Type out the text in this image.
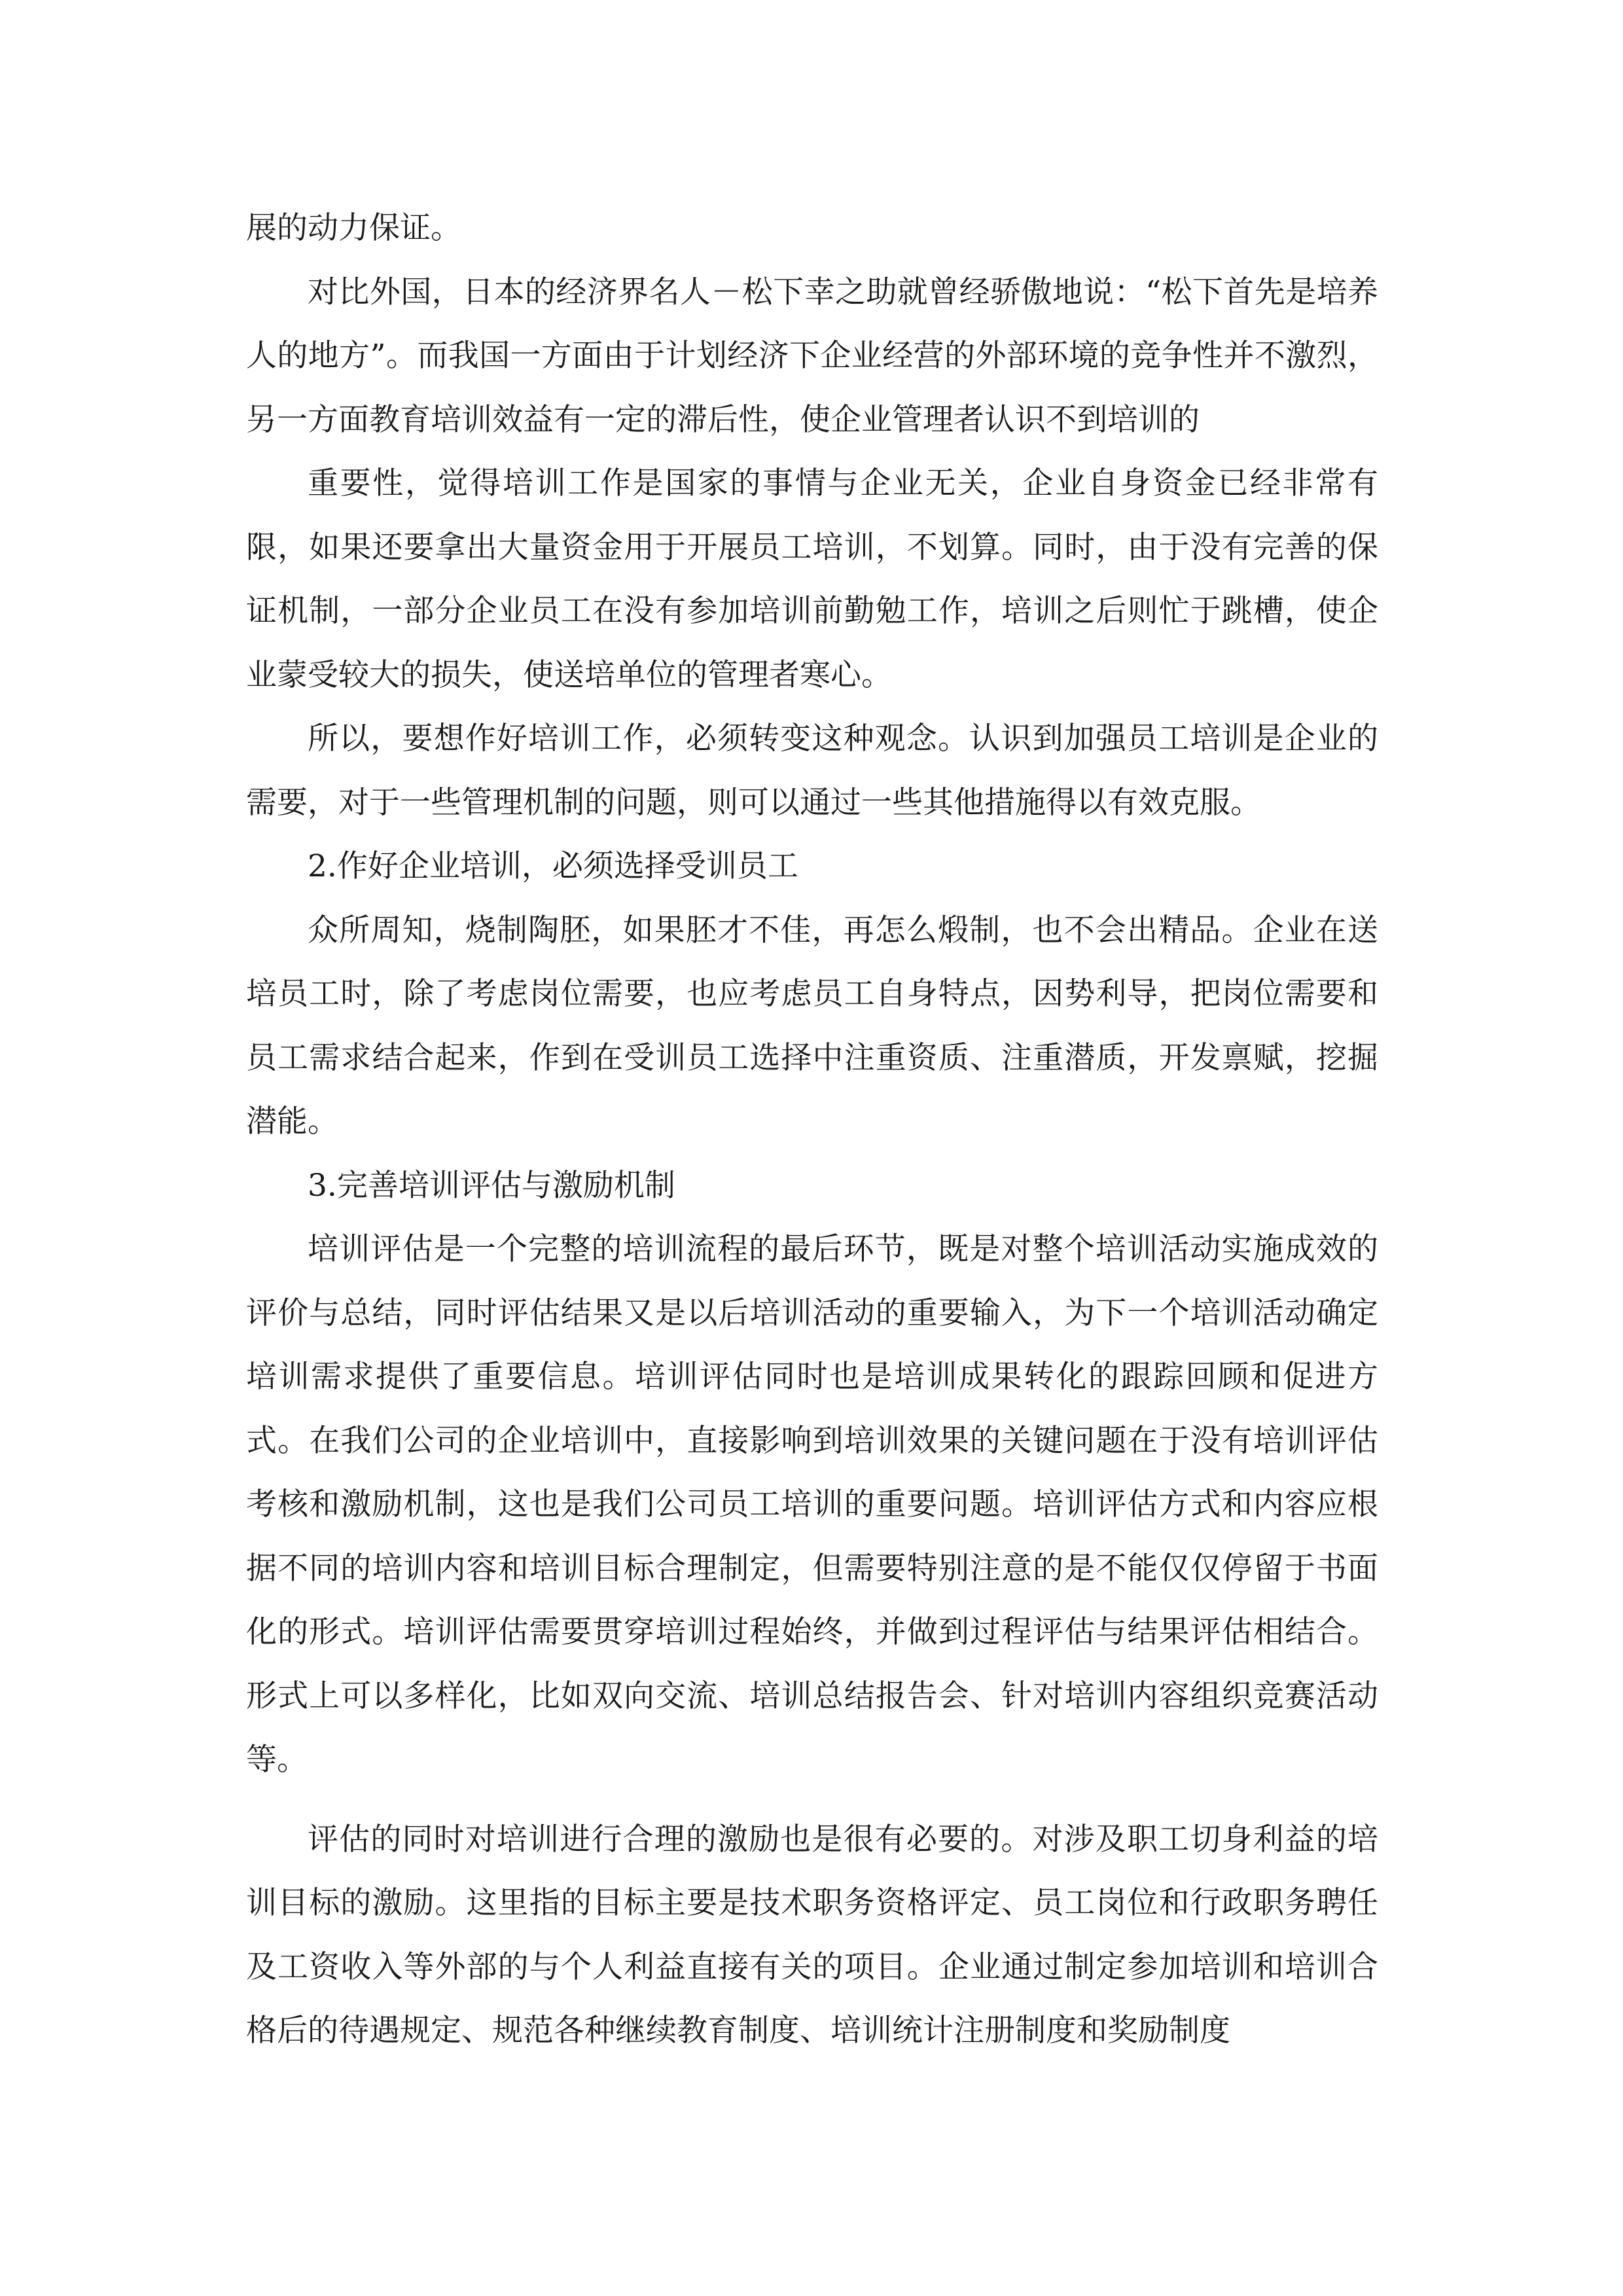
展的动力保证。

对比外国，日本的经济界名人－松下幸之助就曾经骄傲地说：“松下首先是培养人的地方”。而我国一方面由于计划经济下企业经营的外部环境的竞争性并不激烈，另一方面教育培训效益有一定的滞后性，使企业管理者认识不到培训的

重要性，觉得培训工作是国家的事情与企业无关，企业自身资金已经非常有限，如果还要拿出大量资金用于开展员工培训，不划算。同时，由于没有完善的保证机制，一部分企业员工在没有参加培训前勤勉工作，培训之后则忙于跳槽，使企业蒙受较大的损失，使送培单位的管理者寒心。

所以，要想作好培训工作，必须转变这种观念。认识到加强员工培训是企业的需要，对于一些管理机制的问题，则可以通过一些其他措施得以有效克服。

2.作好企业培训，必须选择受训员工

众所周知，烧制陶胚，如果胚才不佳，再怎么煅制，也不会出精品。企业在送培员工时，除了考虑岗位需要，也应考虑员工自身特点，因势利导，把岗位需要和员工需求结合起来，作到在受训员工选择中注重资质、注重潜质，开发禀赋，挖掘潜能。

3.完善培训评估与激励机制

培训评估是一个完整的培训流程的最后环节，既是对整个培训活动实施成效的评价与总结，同时评估结果又是以后培训活动的重要输入，为下一个培训活动确定培训需求提供了重要信息。培训评估同时也是培训成果转化的跟踪回顾和促进方式。在我们公司的企业培训中，直接影响到培训效果的关键问题在于没有培训评估考核和激励机制，这也是我们公司员工培训的重要问题。培训评估方式和内容应根据不同的培训内容和培训目标合理制定，但需要特别注意的是不能仅仅停留于书面化的形式。培训评估需要贯穿培训过程始终，并做到过程评估与结果评估相结合。形式上可以多样化，比如双向交流、培训总结报告会、针对培训内容组织竞赛活动等。

评估的同时对培训进行合理的激励也是很有必要的。对涉及职工切身利益的培训目标的激励。这里指的目标主要是技术职务资格评定、员工岗位和行政职务聘任及工资收入等外部的与个人利益直接有关的项目。企业通过制定参加培训和培训合格后的待遇规定、规范各种继续教育制度、培训统计注册制度和奖励制度
